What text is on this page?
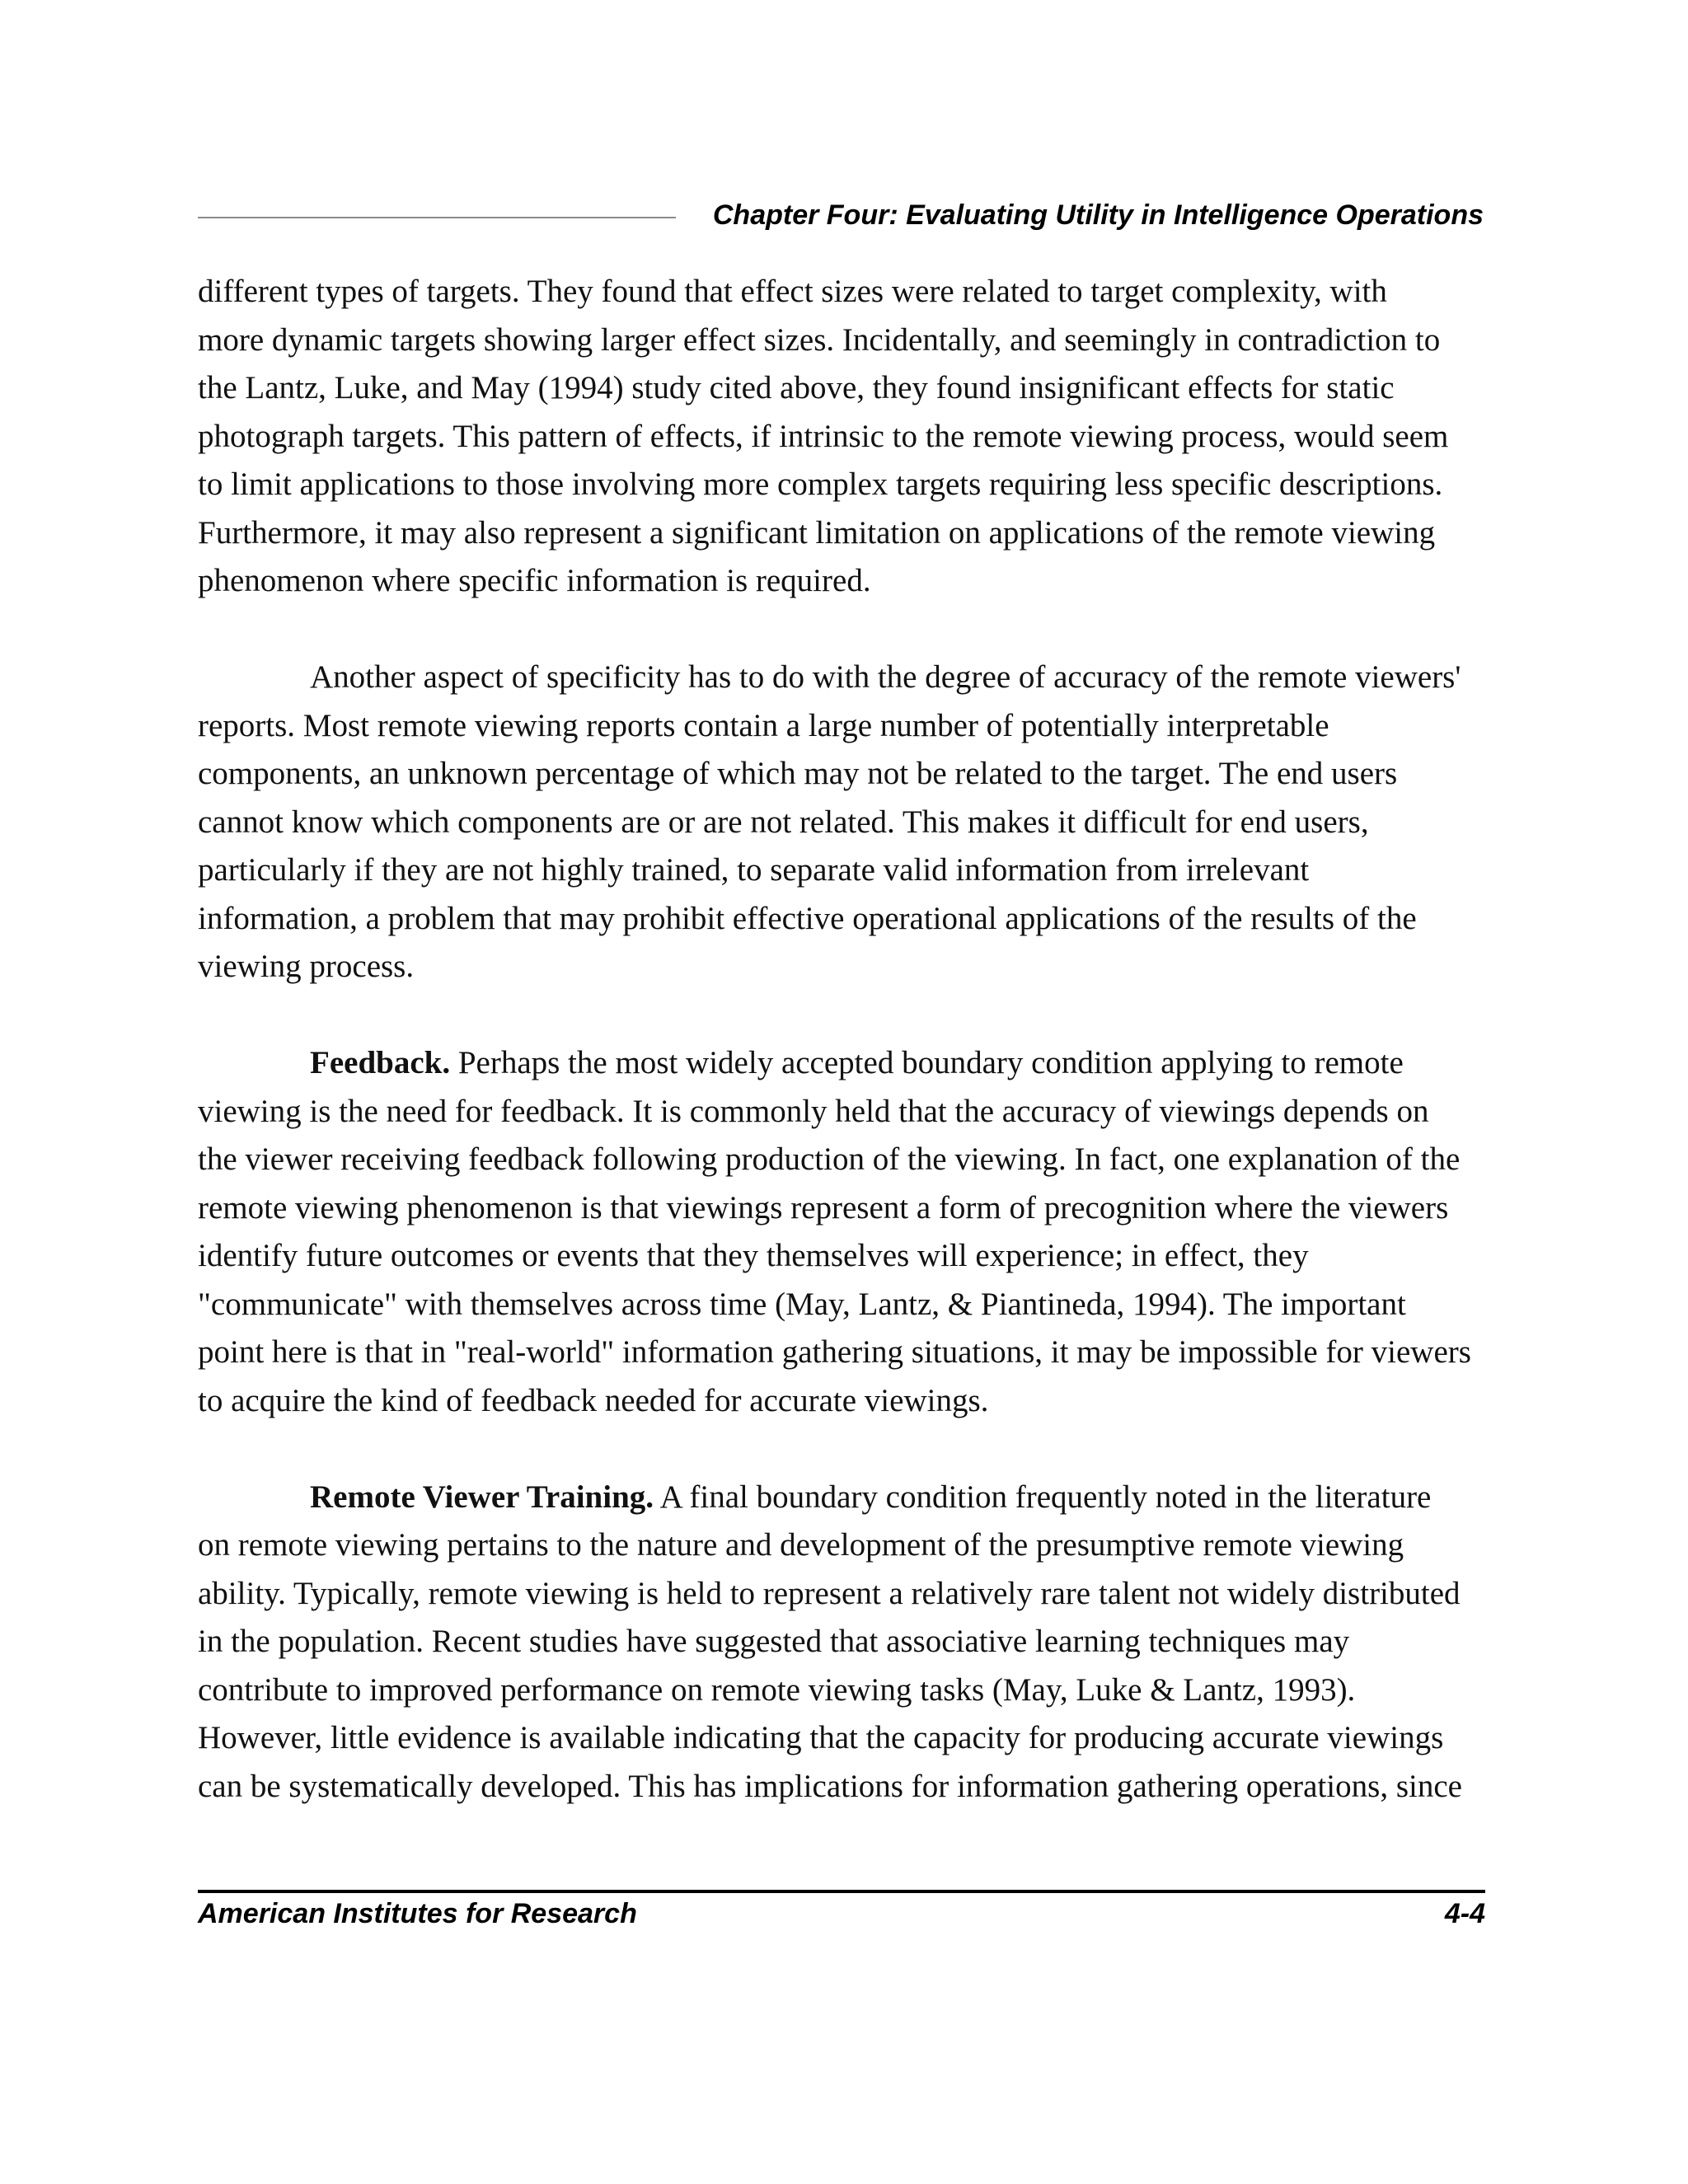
Chapter Four: Evaluating Utility in Intelligence Operations
different types of targets. They found that effect sizes were related to target complexity, with
more dynamic targets showing larger effect sizes. Incidentally, and seemingly in contradiction to
the Lantz, Luke, and May (1994) study cited above, they found insignificant effects for static
photograph targets. This pattern of effects, if intrinsic to the remote viewing process, would seem
to limit applications to those involving more complex targets requiring less specific descriptions.
Furthermore, it may also represent a significant limitation on applications of the remote viewing
phenomenon where specific information is required.
Another aspect of specificity has to do with the degree of accuracy of the remote viewers'
reports. Most remote viewing reports contain a large number of potentially interpretable
components, an unknown percentage of which may not be related to the target. The end users
cannot know which components are or are not related. This makes it difficult for end users,
particularly if they are not highly trained, to separate valid information from irrelevant
information, a problem that may prohibit effective operational applications of the results of the
viewing process.
Feedback. Perhaps the most widely accepted boundary condition applying to remote
viewing is the need for feedback. It is commonly held that the accuracy of viewings depends on
the viewer receiving feedback following production of the viewing. In fact, one explanation of the
remote viewing phenomenon is that viewings represent a form of precognition where the viewers
identify future outcomes or events that they themselves will experience; in effect, they
"communicate" with themselves across time (May, Lantz, & Piantineda, 1994). The important
point here is that in "real-world" information gathering situations, it may be impossible for viewers
to acquire the kind of feedback needed for accurate viewings.
Remote Viewer Training. A final boundary condition frequently noted in the literature
on remote viewing pertains to the nature and development of the presumptive remote viewing
ability. Typically, remote viewing is held to represent a relatively rare talent not widely distributed
in the population. Recent studies have suggested that associative learning techniques may
contribute to improved performance on remote viewing tasks (May, Luke & Lantz, 1993).
However, little evidence is available indicating that the capacity for producing accurate viewings
can be systematically developed. This has implications for information gathering operations, since
American Institutes for Research	4-4
